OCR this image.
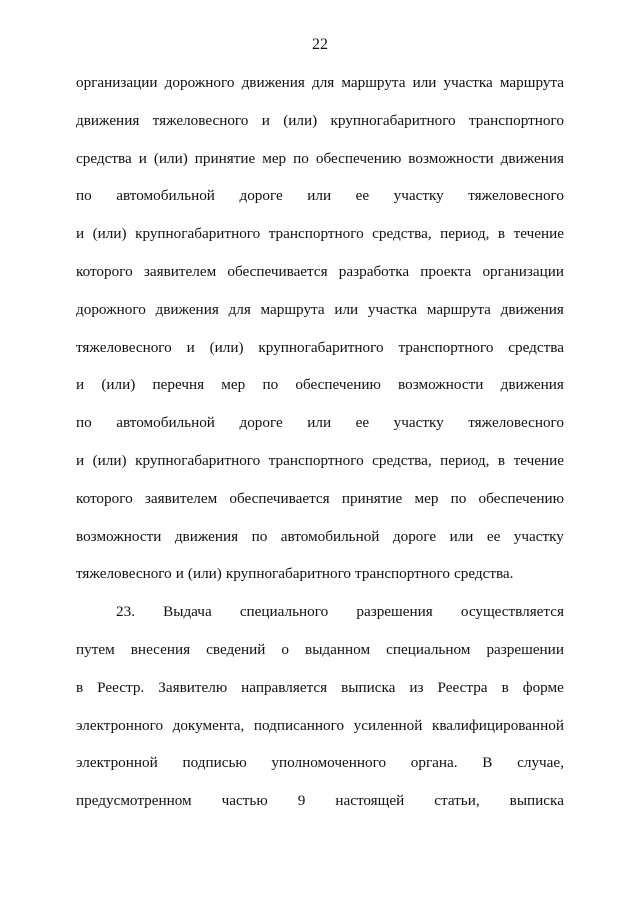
22
организации дорожного движения для маршрута или участка маршрута
движения тяжеловесного и (или) крупногабаритного транспортного
средства и (или) принятие мер по обеспечению возможности движения
по автомобильной дороге или ее участку тяжеловесного
и (или) крупногабаритного транспортного средства, период, в течение
которого заявителем обеспечивается разработка проекта организации
дорожного движения для маршрута или участка маршрута движения
тяжеловесного и (или) крупногабаритного транспортного средства
и (или) перечня мер по обеспечению возможности движения
по автомобильной дороге или ее участку тяжеловесного
и (или) крупногабаритного транспортного средства, период, в течение
которого заявителем обеспечивается принятие мер по обеспечению
возможности движения по автомобильной дороге или ее участку
тяжеловесного и (или) крупногабаритного транспортного средства.
23. Выдача специального разрешения осуществляется
путем внесения сведений о выданном специальном разрешении
в Реестр. Заявителю направляется выписка из Реестра в форме
электронного документа, подписанного усиленной квалифицированной
электронной подписью уполномоченного органа. В случае,
предусмотренном частью 9 настоящей статьи, выписка
